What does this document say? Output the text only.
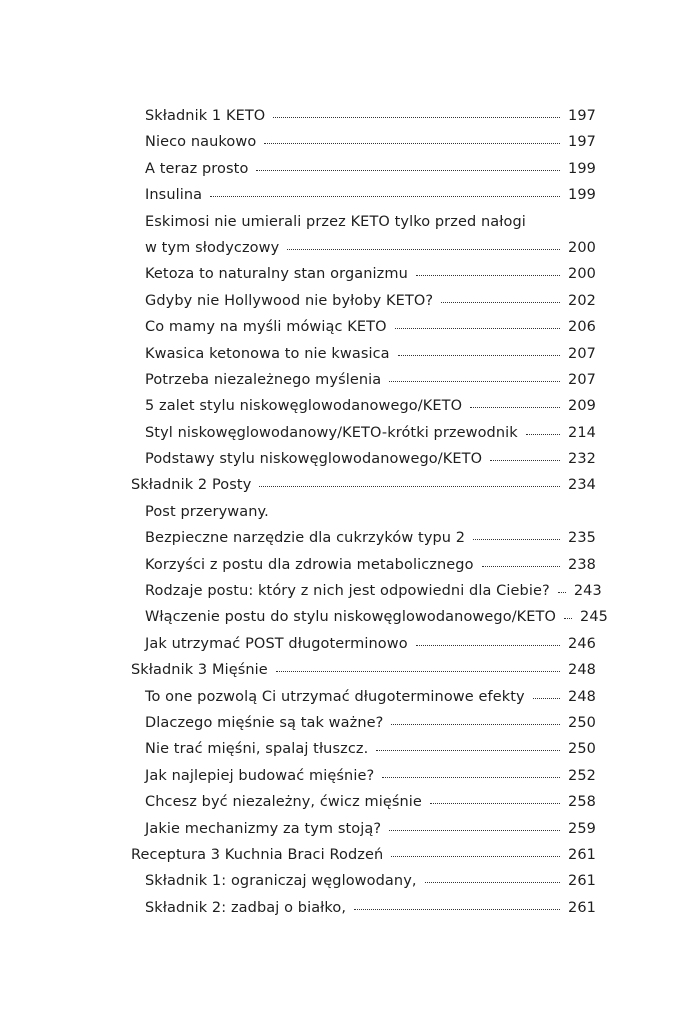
Składnik 1 KETO	197
Nieco naukowo	197
A teraz prosto	199
Insulina	199
Eskimosi nie umierali przez KETO tylko przed nałogi
w tym słodyczowy	200
Ketoza to naturalny stan organizmu	200
Gdyby nie Hollywood nie byłoby KETO?	202
Co mamy na myśli mówiąc KETO	206
Kwasica ketonowa to nie kwasica	207
Potrzeba niezależnego myślenia	207
5 zalet stylu niskowęglowodanowego/KETO	209
Styl niskowęglowodanowy/KETO-krótki przewodnik	214
Podstawy stylu niskowęglowodanowego/KETO	232
Składnik 2 Posty	234
Post przerywany.
Bezpieczne narzędzie dla cukrzyków typu 2	235
Korzyści z postu dla zdrowia metabolicznego	238
Rodzaje postu: który z nich jest odpowiedni dla Ciebie? 243
Włączenie postu do stylu niskowęglowodanowego/KETO 245
Jak utrzymać POST długoterminowo	246
Składnik 3 Mięśnie	248
To one pozwolą Ci utrzymać długoterminowe efekty	248
Dlaczego mięśnie są tak ważne?	250
Nie trać mięśni, spalaj tłuszcz.	250
Jak najlepiej budować mięśnie?	252
Chcesz być niezależny, ćwicz mięśnie	258
Jakie mechanizmy za tym stoją?	259
Receptura 3 Kuchnia Braci Rodzeń	261
Składnik 1: ograniczaj węglowodany,	261
Składnik 2: zadbaj o białko,	261
